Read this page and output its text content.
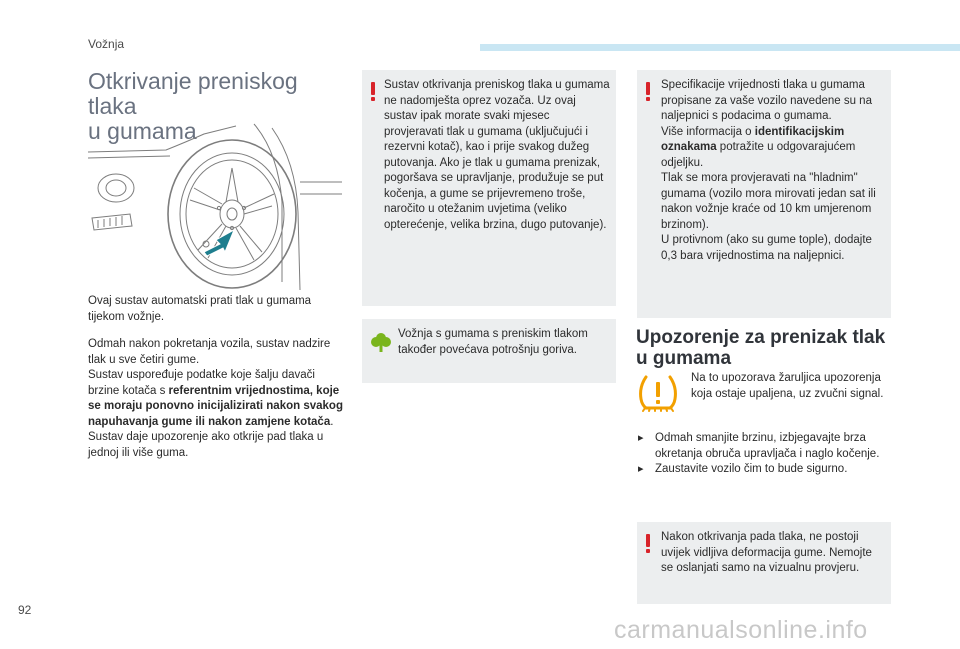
Vožnja
Otkrivanje preniskog tlaka
u gumama

Ovaj sustav automatski prati tlak u gumama tijekom vožnje.

Odmah nakon pokretanja vozila, sustav nadzire tlak u sve četiri gume.
Sustav uspoređuje podatke koje šalju davači brzine kotača s referentnim vrijednostima, koje se moraju ponovno inicijalizirati nakon svakog napuhavanja gume ili nakon zamjene kotača.
Sustav daje upozorenje ako otkrije pad tlaka u jednoj ili više guma.

Sustav otkrivanja preniskog tlaka u gumama ne nadomješta oprez vozača. Uz ovaj sustav ipak morate svaki mjesec provjeravati tlak u gumama (uključujući i rezervni kotač), kao i prije svakog dužeg putovanja. Ako je tlak u gumama prenizak, pogoršava se upravljanje, produžuje se put kočenja, a gume se prijevremeno troše, naročito u otežanim uvjetima (veliko opterećenje, velika brzina, dugo putovanje).
Vožnja s gumama s preniskim tlakom također povećava potrošnju goriva.
Specifikacije vrijednosti tlaka u gumama propisane za vaše vozilo navedene su na naljepnici s podacima o gumama.
Više informacija o identifikacijskim oznakama potražite u odgovarajućem odjeljku.
Tlak se mora provjeravati na "hladnim" gumama (vozilo mora mirovati jedan sat ili nakon vožnje kraće od 10 km umjerenom brzinom).
U protivnom (ako su gume tople), dodajte 0,3 bara vrijednostima na naljepnici.
Upozorenje za prenizak tlak
u gumama
Na to upozorava žaruljica upozorenja koja ostaje upaljena, uz zvučni signal.
▸ Odmah smanjite brzinu, izbjegavajte brza okretanja obruča upravljača i naglo kočenje.
▸ Zaustavite vozilo čim to bude sigurno.
Nakon otkrivanja pada tlaka, ne postoji uvijek vidljiva deformacija gume. Nemojte se oslanjati samo na vizualnu provjeru.
92
carmanualsonline.info
